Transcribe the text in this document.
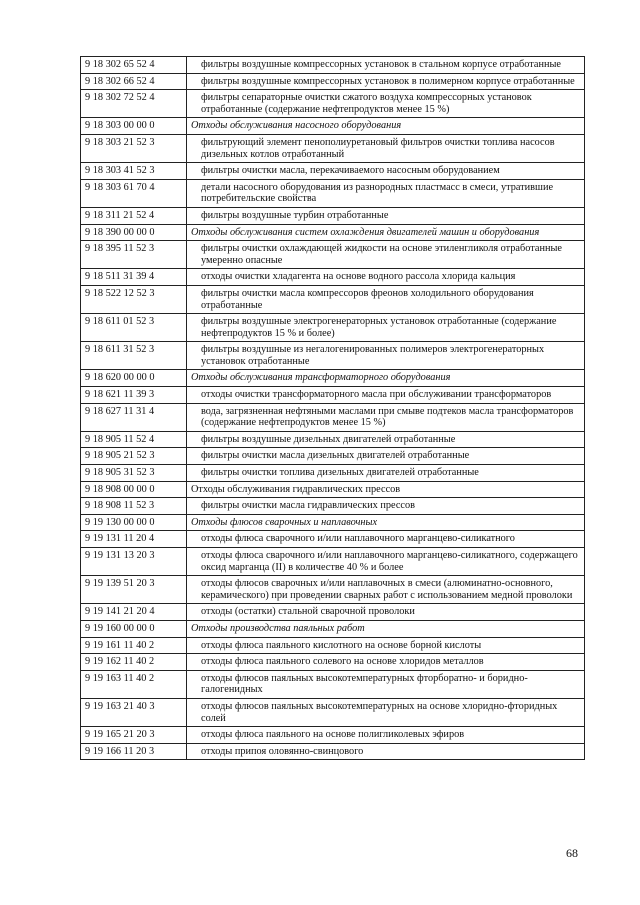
9 18 302 65 52 4	фильтры воздушные компрессорных установок в стальном корпусе отработанные
9 18 302 66 52 4	фильтры воздушные компрессорных установок в полимерном корпусе отработанные
9 18 302 72 52 4	фильтры сепараторные очистки сжатого воздуха компрессорных установок отработанные (содержание нефтепродуктов менее 15 %)
9 18 303 00 00 0	Отходы обслуживания насосного оборудования
9 18 303 21 52 3	фильтрующий элемент пенополиуретановый фильтров очистки топлива насосов дизельных котлов отработанный
9 18 303 41 52 3	фильтры очистки масла, перекачиваемого насосным оборудованием
9 18 303 61 70 4	детали насосного оборудования из разнородных пластмасс в смеси, утратившие потребительские свойства
9 18 311 21 52 4	фильтры воздушные турбин отработанные
9 18 390 00 00 0	Отходы обслуживания систем охлаждения двигателей машин и оборудования
9 18 395 11 52 3	фильтры очистки охлаждающей жидкости на основе этиленгликоля отработанные умеренно опасные
9 18 511 31 39 4	отходы очистки хладагента на основе водного рассола хлорида кальция
9 18 522 12 52 3	фильтры очистки масла компрессоров фреонов холодильного оборудования отработанные
9 18 611 01 52 3	фильтры воздушные электрогенераторных установок отработанные (содержание нефтепродуктов 15 % и более)
9 18 611 31 52 3	фильтры воздушные из негалогенированных полимеров электрогенераторных установок отработанные
9 18 620 00 00 0	Отходы обслуживания трансформаторного оборудования
9 18 621 11 39 3	отходы очистки трансформаторного масла при обслуживании трансформаторов
9 18 627 11 31 4	вода, загрязненная нефтяными маслами при смыве подтеков масла трансформаторов (содержание нефтепродуктов менее 15 %)
9 18 905 11 52 4	фильтры воздушные дизельных двигателей отработанные
9 18 905 21 52 3	фильтры очистки масла дизельных двигателей отработанные
9 18 905 31 52 3	фильтры очистки топлива дизельных двигателей отработанные
9 18 908 00 00 0	Отходы обслуживания гидравлических прессов
9 18 908 11 52 3	фильтры очистки масла гидравлических прессов
9 19 130 00 00 0	Отходы флюсов сварочных и наплавочных
9 19 131 11 20 4	отходы флюса сварочного и/или наплавочного марганцево-силикатного
9 19 131 13 20 3	отходы флюса сварочного и/или наплавочного марганцево-силикатного, содержащего оксид марганца (II) в количестве 40 % и более
9 19 139 51 20 3	отходы флюсов сварочных и/или наплавочных в смеси (алюминатно-основного, керамического) при проведении сварных работ с использованием медной проволоки
9 19 141 21 20 4	отходы (остатки) стальной сварочной проволоки
9 19 160 00 00 0	Отходы производства паяльных работ
9 19 161 11 40 2	отходы флюса паяльного кислотного на основе борной кислоты
9 19 162 11 40 2	отходы флюса паяльного солевого на основе хлоридов металлов
9 19 163 11 40 2	отходы флюсов паяльных высокотемпературных фторборатно- и боридно-галогенидных
9 19 163 21 40 3	отходы флюсов паяльных высокотемпературных на основе хлоридно-фторидных солей
9 19 165 21 20 3	отходы флюса паяльного на основе полигликолевых эфиров
9 19 166 11 20 3	отходы припоя оловянно-свинцового
68
